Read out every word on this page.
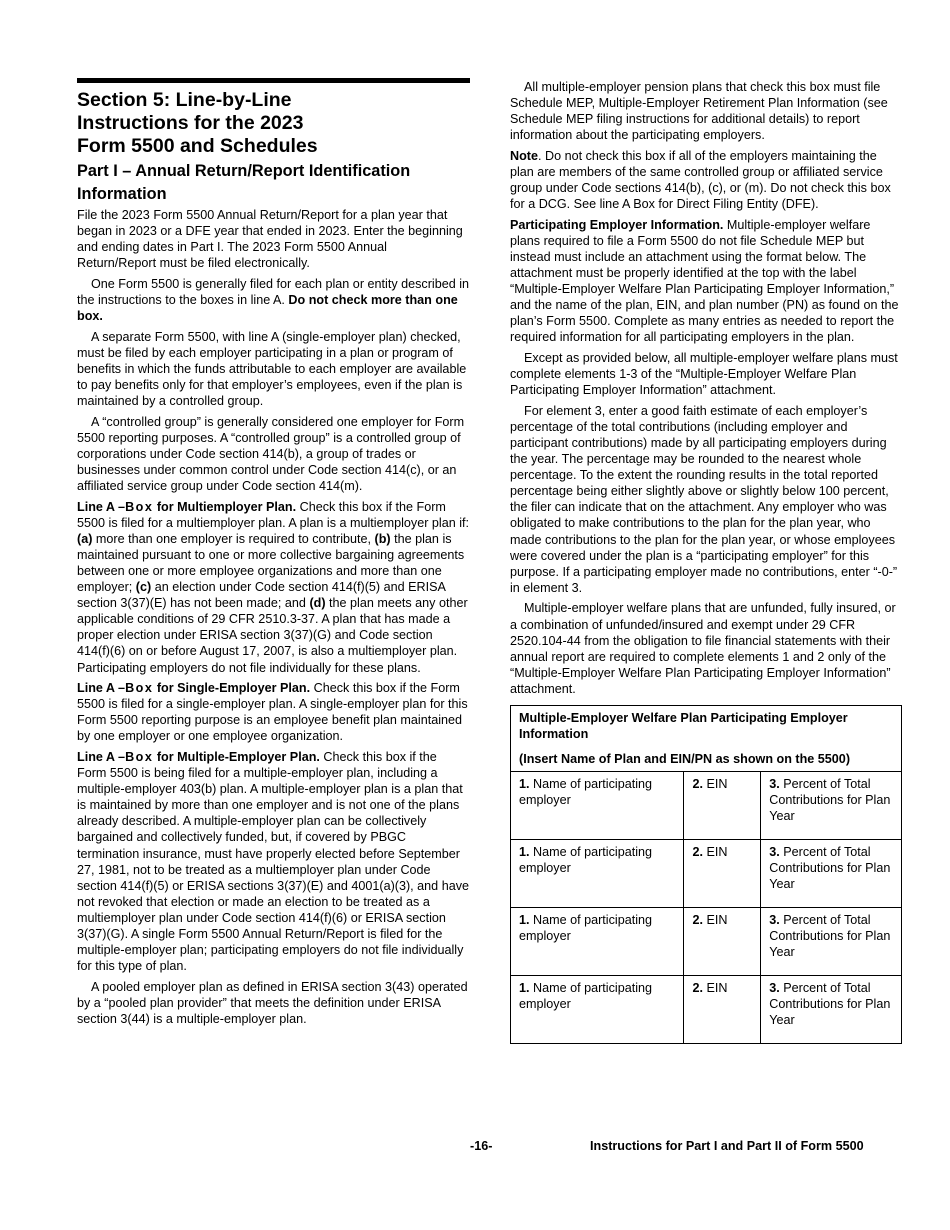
Section 5: Line-by-Line
Instructions for the 2023
Form 5500 and Schedules
Part I – Annual Return/Report Identification
Information

File the 2023 Form 5500 Annual Return/Report for a plan year that began in 2023 or a DFE year that ended in 2023. Enter the beginning and ending dates in Part I. The 2023 Form 5500 Annual Return/Report must be filed electronically.

One Form 5500 is generally filed for each plan or entity described in the instructions to the boxes in line A. Do not check more than one box.

A separate Form 5500, with line A (single-employer plan) checked, must be filed by each employer participating in a plan or program of benefits in which the funds attributable to each employer are available to pay benefits only for that employer’s employees, even if the plan is maintained by a controlled group.

A “controlled group” is generally considered one employer for Form 5500 reporting purposes. A “controlled group” is a controlled group of corporations under Code section 414(b), a group of trades or businesses under common control under Code section 414(c), or an affiliated service group under Code section 414(m).

Line A –Box for Multiemployer Plan. Check this box if the Form 5500 is filed for a multiemployer plan. A plan is a multiemployer plan if: (a) more than one employer is required to contribute, (b) the plan is maintained pursuant to one or more collective bargaining agreements between one or more employee organizations and more than one employer; (c) an election under Code section 414(f)(5) and ERISA section 3(37)(E) has not been made; and (d) the plan meets any other applicable conditions of 29 CFR 2510.3-37. A plan that has made a proper election under ERISA section 3(37)(G) and Code section 414(f)(6) on or before August 17, 2007, is also a multiemployer plan. Participating employers do not file individually for these plans.

Line A –Box for Single-Employer Plan. Check this box if the Form 5500 is filed for a single-employer plan. A single-employer plan for this Form 5500 reporting purpose is an employee benefit plan maintained by one employer or one employee organization.

Line A –Box for Multiple-Employer Plan. Check this box if the Form 5500 is being filed for a multiple-employer plan, including a multiple-employer 403(b) plan. A multiple-employer plan is a plan that is maintained by more than one employer and is not one of the plans already described. A multiple-employer plan can be collectively bargained and collectively funded, but, if covered by PBGC termination insurance, must have properly elected before September 27, 1981, not to be treated as a multiemployer plan under Code section 414(f)(5) or ERISA sections 3(37)(E) and 4001(a)(3), and have not revoked that election or made an election to be treated as a multiemployer plan under Code section 414(f)(6) or ERISA section 3(37)(G). A single Form 5500 Annual Return/Report is filed for the multiple-employer plan; participating employers do not file individually for this type of plan.

A pooled employer plan as defined in ERISA section 3(43) operated by a “pooled plan provider” that meets the definition under ERISA section 3(44) is a multiple-employer plan.

All multiple-employer pension plans that check this box must file Schedule MEP, Multiple-Employer Retirement Plan Information (see Schedule MEP filing instructions for additional details) to report information about the participating employers.

Note. Do not check this box if all of the employers maintaining the plan are members of the same controlled group or affiliated service group under Code sections 414(b), (c), or (m). Do not check this box for a DCG. See line A Box for Direct Filing Entity (DFE).

Participating Employer Information. Multiple-employer welfare plans required to file a Form 5500 do not file Schedule MEP but instead must include an attachment using the format below. The attachment must be properly identified at the top with the label “Multiple-Employer Welfare Plan Participating Employer Information,” and the name of the plan, EIN, and plan number (PN) as found on the plan’s Form 5500. Complete as many entries as needed to report the required information for all participating employers in the plan.

Except as provided below, all multiple-employer welfare plans must complete elements 1-3 of the “Multiple-Employer Welfare Plan Participating Employer Information” attachment.

For element 3, enter a good faith estimate of each employer’s percentage of the total contributions (including employer and participant contributions) made by all participating employers during the year. The percentage may be rounded to the nearest whole percentage. To the extent the rounding results in the total reported percentage being either slightly above or slightly below 100 percent, the filer can indicate that on the attachment. Any employer who was obligated to make contributions to the plan for the plan year, who made contributions to the plan for the plan year, or whose employees were covered under the plan is a “participating employer” for this purpose. If a participating employer made no contributions, enter “-0-” in element 3.

Multiple-employer welfare plans that are unfunded, fully insured, or a combination of unfunded/insured and exempt under 29 CFR 2520.104-44 from the obligation to file financial statements with their annual report are required to complete elements 1 and 2 only of the “Multiple-Employer Welfare Plan Participating Employer Information” attachment.

Multiple-Employer Welfare Plan Participating Employer Information
(Insert Name of Plan and EIN/PN as shown on the 5500)		

1. Name of participating employer	2. EIN	3. Percent of Total Contributions for Plan Year
1. Name of participating employer	2. EIN	3. Percent of Total Contributions for Plan Year
1. Name of participating employer	2. EIN	3. Percent of Total Contributions for Plan Year
1. Name of participating employer	2. EIN	3. Percent of Total Contributions for Plan Year
-16-	Instructions for Part I and Part II of Form 5500
